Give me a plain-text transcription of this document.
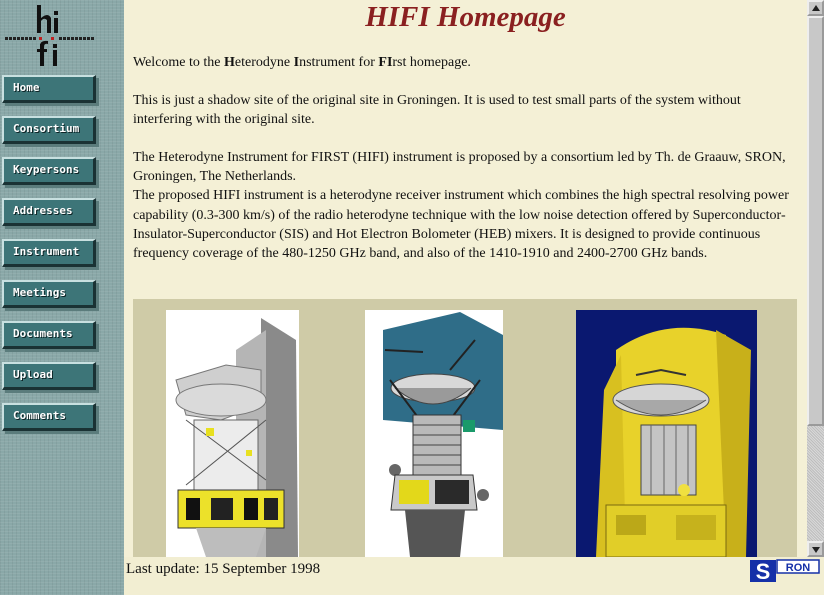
Home
Consortium
Keypersons
Addresses
Instrument
Meetings
Documents
Upload
Comments
HIFI Homepage

Welcome to the Heterodyne Instrument for FIrst homepage.

This is just a shadow site of the original site in Groningen. It is used to test small parts of the system without interfering with the original site.

The Heterodyne Instrument for FIRST (HIFI) instrument is proposed by a consortium led by Th. de Graauw, SRON, Groningen, The Netherlands.
The proposed HIFI instrument is a heterodyne receiver instrument which combines the high spectral resolving power capability (0.3-300 km/s) of the radio heterodyne technique with the low noise detection offered by Superconductor-Insulator-Superconductor (SIS) and Hot Electron Bolometer (HEB) mixers. It is designed to provide continuous frequency coverage of the 480-1250 GHz band, and also of the 1410-1910 and 2400-2700 GHz bands.

Last update: 15 September 1998	S RON
